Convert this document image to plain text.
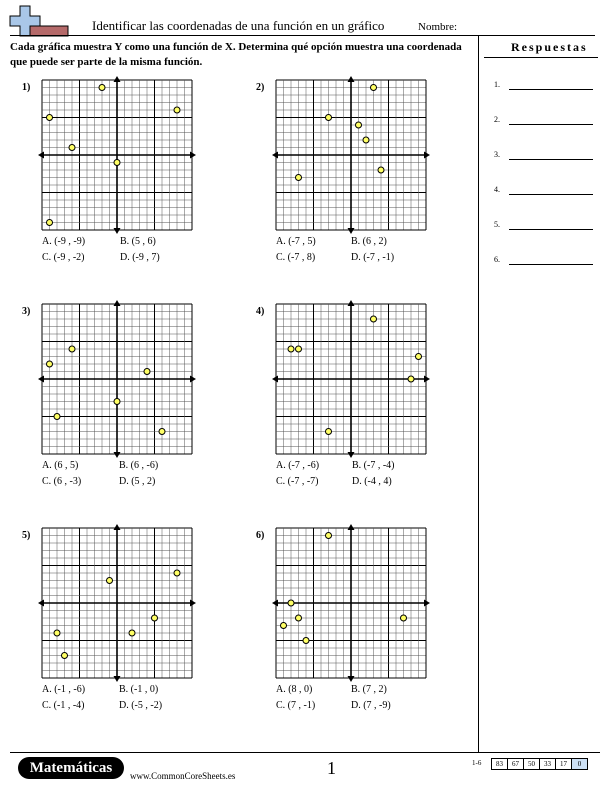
Identificar las coordenadas de una función en un gráfico	Nombre:
Cada gráfica muestra Y como una función de X. Determina qué opción muestra una coordenada que puede ser parte de la misma función.
Respuestas
1.
2.
3.
4.
5.
6.
1)
A. (-9 , -9)	B. (5 , 6)
C. (-9 , -2)	D. (-9 , 7)
2)
A. (-7 , 5)	B. (6 , 2)
C. (-7 , 8)	D. (-7 , -1)
3)
A. (6 , 5)	B. (6 , -6)
C. (6 , -3)	D. (5 , 2)
4)
A. (-7 , -6)	B. (-7 , -4)
C. (-7 , -7)	D. (-4 , 4)
5)
A. (-1 , -6)	B. (-1 , 0)
C. (-1 , -4)	D. (-5 , -2)
6)
A. (8 , 0)	B. (7 , 2)
C. (7 , -1)	D. (7 , -9)
Matemáticas	www.CommonCoreSheets.es	1	1-6	83	67	50	33	17	0
